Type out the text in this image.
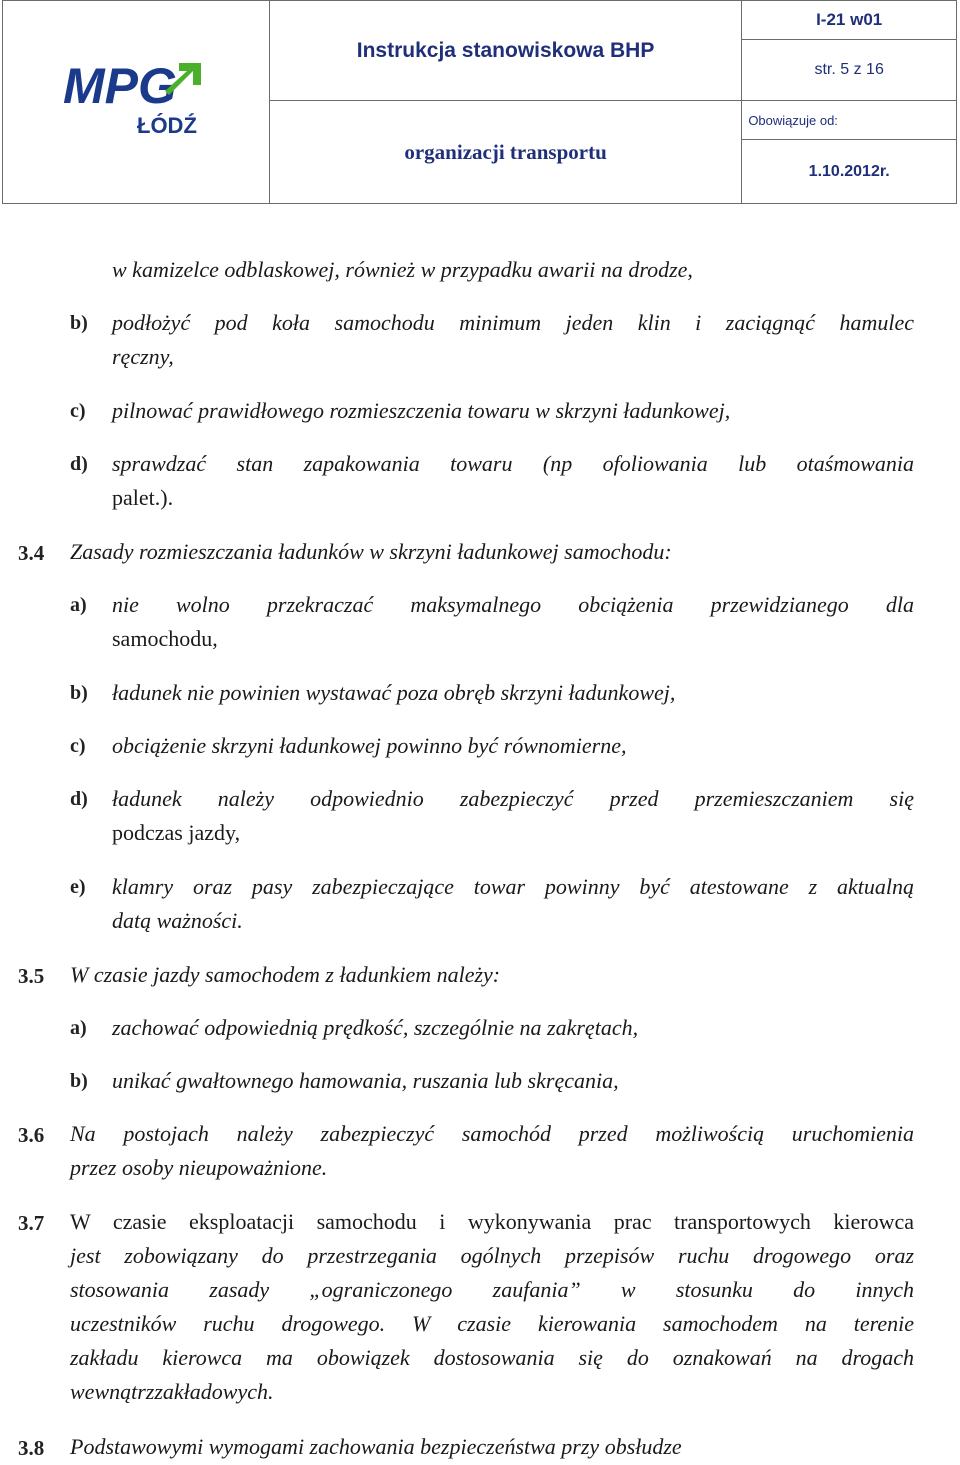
MPG
ŁÓDŹ	Instrukcja stanowiskowa BHP	I-21 w01
		str. 5 z 16
	organizacji transportu	Obowiązuje od:
		1.10.2012r.
w kamizelce odblaskowej, również w przypadku awarii na drodze,
b) podłożyć pod koła samochodu minimum jeden klin i zaciągnąć hamulec
ręczny,
c) pilnować prawidłowego rozmieszczenia towaru w skrzyni ładunkowej,
d) sprawdzać stan zapakowania towaru (np ofoliowania lub otaśmowania
palet.).
3.4 Zasady rozmieszczania ładunków w skrzyni ładunkowej samochodu:
a) nie wolno przekraczać maksymalnego obciążenia przewidzianego dla
samochodu,
b) ładunek nie powinien wystawać poza obręb skrzyni ładunkowej,
c) obciążenie skrzyni ładunkowej powinno być równomierne,
d) ładunek należy odpowiednio zabezpieczyć przed przemieszczaniem się
podczas jazdy,
e) klamry oraz pasy zabezpieczające towar powinny być atestowane z aktualną
datą ważności.
3.5 W czasie jazdy samochodem z ładunkiem należy:
a) zachować odpowiednią prędkość, szczególnie na zakrętach,
b) unikać gwałtownego hamowania, ruszania lub skręcania,
3.6 Na postojach należy zabezpieczyć samochód przed możliwością uruchomienia
przez osoby nieupoważnione.
3.7 W czasie eksploatacji samochodu i wykonywania prac transportowych kierowca
jest zobowiązany do przestrzegania ogólnych przepisów ruchu drogowego oraz
stosowania zasady „ograniczonego zaufania” w stosunku do innych
uczestników ruchu drogowego. W czasie kierowania samochodem na terenie
zakładu kierowca ma obowiązek dostosowania się do oznakowań na drogach
wewnątrzzakładowych.
3.8 Podstawowymi wymogami zachowania bezpieczeństwa przy obsłudze
